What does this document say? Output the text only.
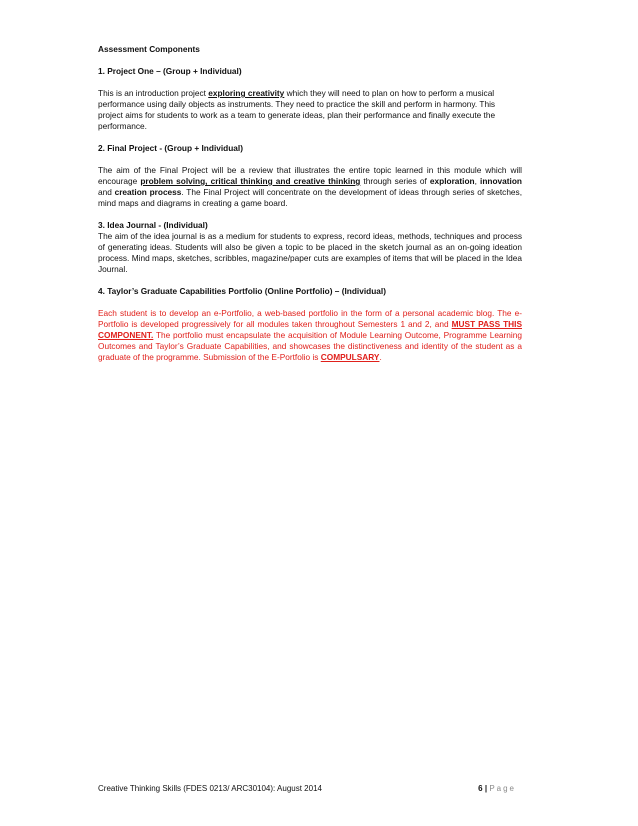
Assessment Components

1. Project One – (Group + Individual)

This is an introduction project exploring creativity which they will need to plan on how to perform a musical performance using daily objects as instruments. They need to practice the skill and perform in harmony. This project aims for students to work as a team to generate ideas, plan their performance and finally execute the performance.

2. Final Project - (Group + Individual)

The aim of the Final Project will be a review that illustrates the entire topic learned in this module which will encourage problem solving, critical thinking and creative thinking through series of exploration, innovation and creation process. The Final Project will concentrate on the development of ideas through series of sketches, mind maps and diagrams in creating a game board.

3. Idea Journal - (Individual)

The aim of the idea journal is as a medium for students to express, record ideas, methods, techniques and process of generating ideas. Students will also be given a topic to be placed in the sketch journal as an on-going ideation process. Mind maps, sketches, scribbles, magazine/paper cuts are examples of items that will be placed in the Idea Journal.

4. Taylor’s Graduate Capabilities Portfolio (Online Portfolio) – (Individual)

Each student is to develop an e-Portfolio, a web-based portfolio in the form of a personal academic blog. The e-Portfolio is developed progressively for all modules taken throughout Semesters 1 and 2, and MUST PASS THIS COMPONENT. The portfolio must encapsulate the acquisition of Module Learning Outcome, Programme Learning Outcomes and Taylor’s Graduate Capabilities, and showcases the distinctiveness and identity of the student as a graduate of the programme. Submission of the E-Portfolio is COMPULSARY.

Creative Thinking Skills (FDES 0213/ ARC30104): August 2014	6 | Page
